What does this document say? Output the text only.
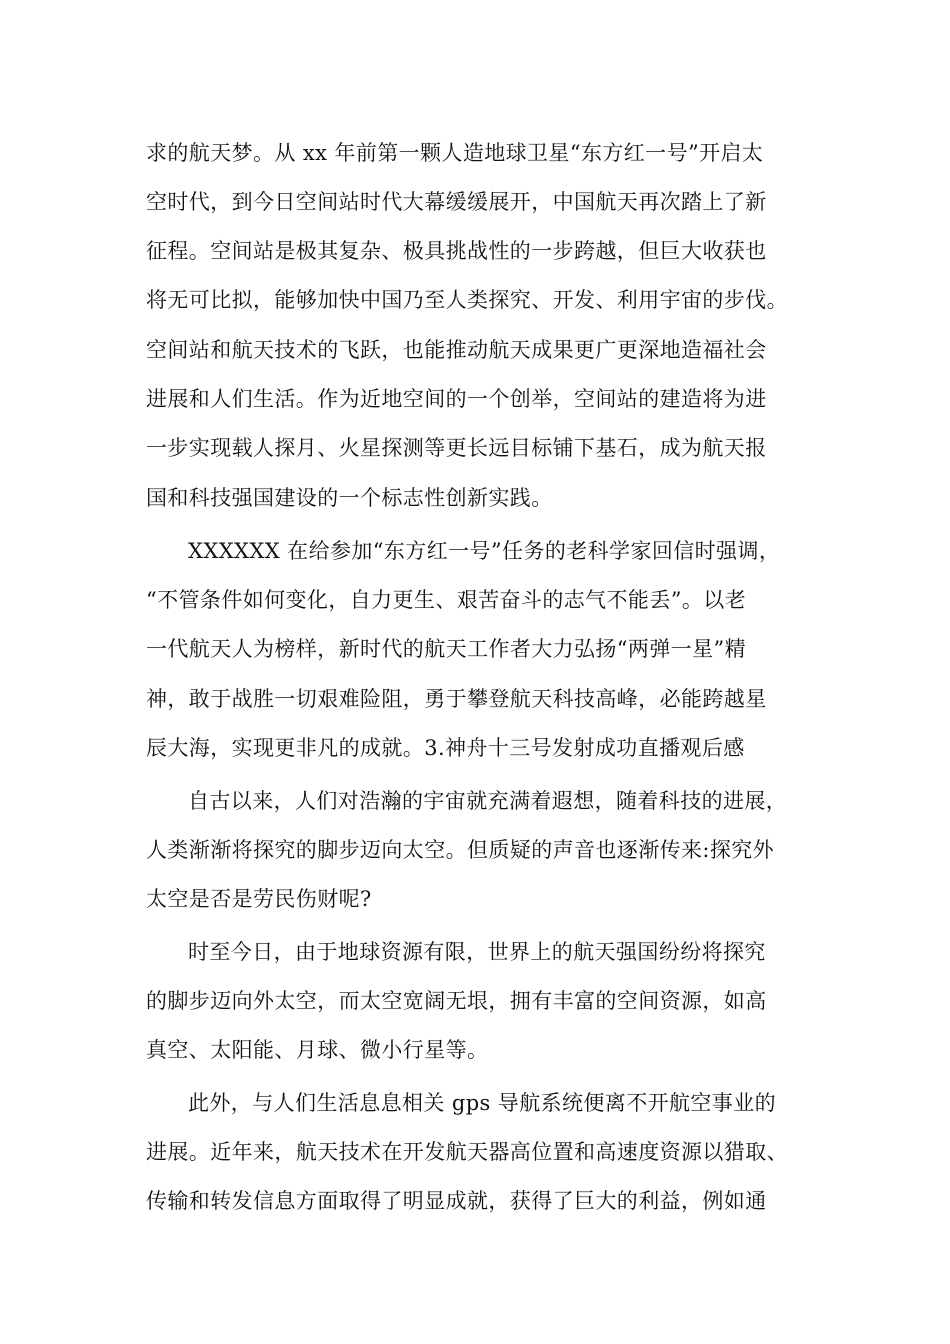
求的航天梦。从 xx 年前第一颗人造地球卫星“东方红一号”开启太
空时代，到今日空间站时代大幕缓缓展开，中国航天再次踏上了新
征程。空间站是极其复杂、极具挑战性的一步跨越，但巨大收获也
将无可比拟，能够加快中国乃至人类探究、开发、利用宇宙的步伐。
空间站和航天技术的飞跃，也能推动航天成果更广更深地造福社会
进展和人们生活。作为近地空间的一个创举，空间站的建造将为进
一步实现载人探月、火星探测等更长远目标铺下基石，成为航天报
国和科技强国建设的一个标志性创新实践。
XXXXXX 在给参加“东方红一号”任务的老科学家回信时强调，
“不管条件如何变化，自力更生、艰苦奋斗的志气不能丢”。以老
一代航天人为榜样，新时代的航天工作者大力弘扬“两弹一星”精
神，敢于战胜一切艰难险阻，勇于攀登航天科技高峰，必能跨越星
辰大海，实现更非凡的成就。3.神舟十三号发射成功直播观后感
自古以来，人们对浩瀚的宇宙就充满着遐想，随着科技的进展，
人类渐渐将探究的脚步迈向太空。但质疑的声音也逐渐传来:探究外
太空是否是劳民伤财呢?
时至今日，由于地球资源有限，世界上的航天强国纷纷将探究
的脚步迈向外太空，而太空宽阔无垠，拥有丰富的空间资源，如高
真空、太阳能、月球、微小行星等。
此外，与人们生活息息相关 gps 导航系统便离不开航空事业的
进展。近年来，航天技术在开发航天器高位置和高速度资源以猎取、
传输和转发信息方面取得了明显成就，获得了巨大的利益，例如通
